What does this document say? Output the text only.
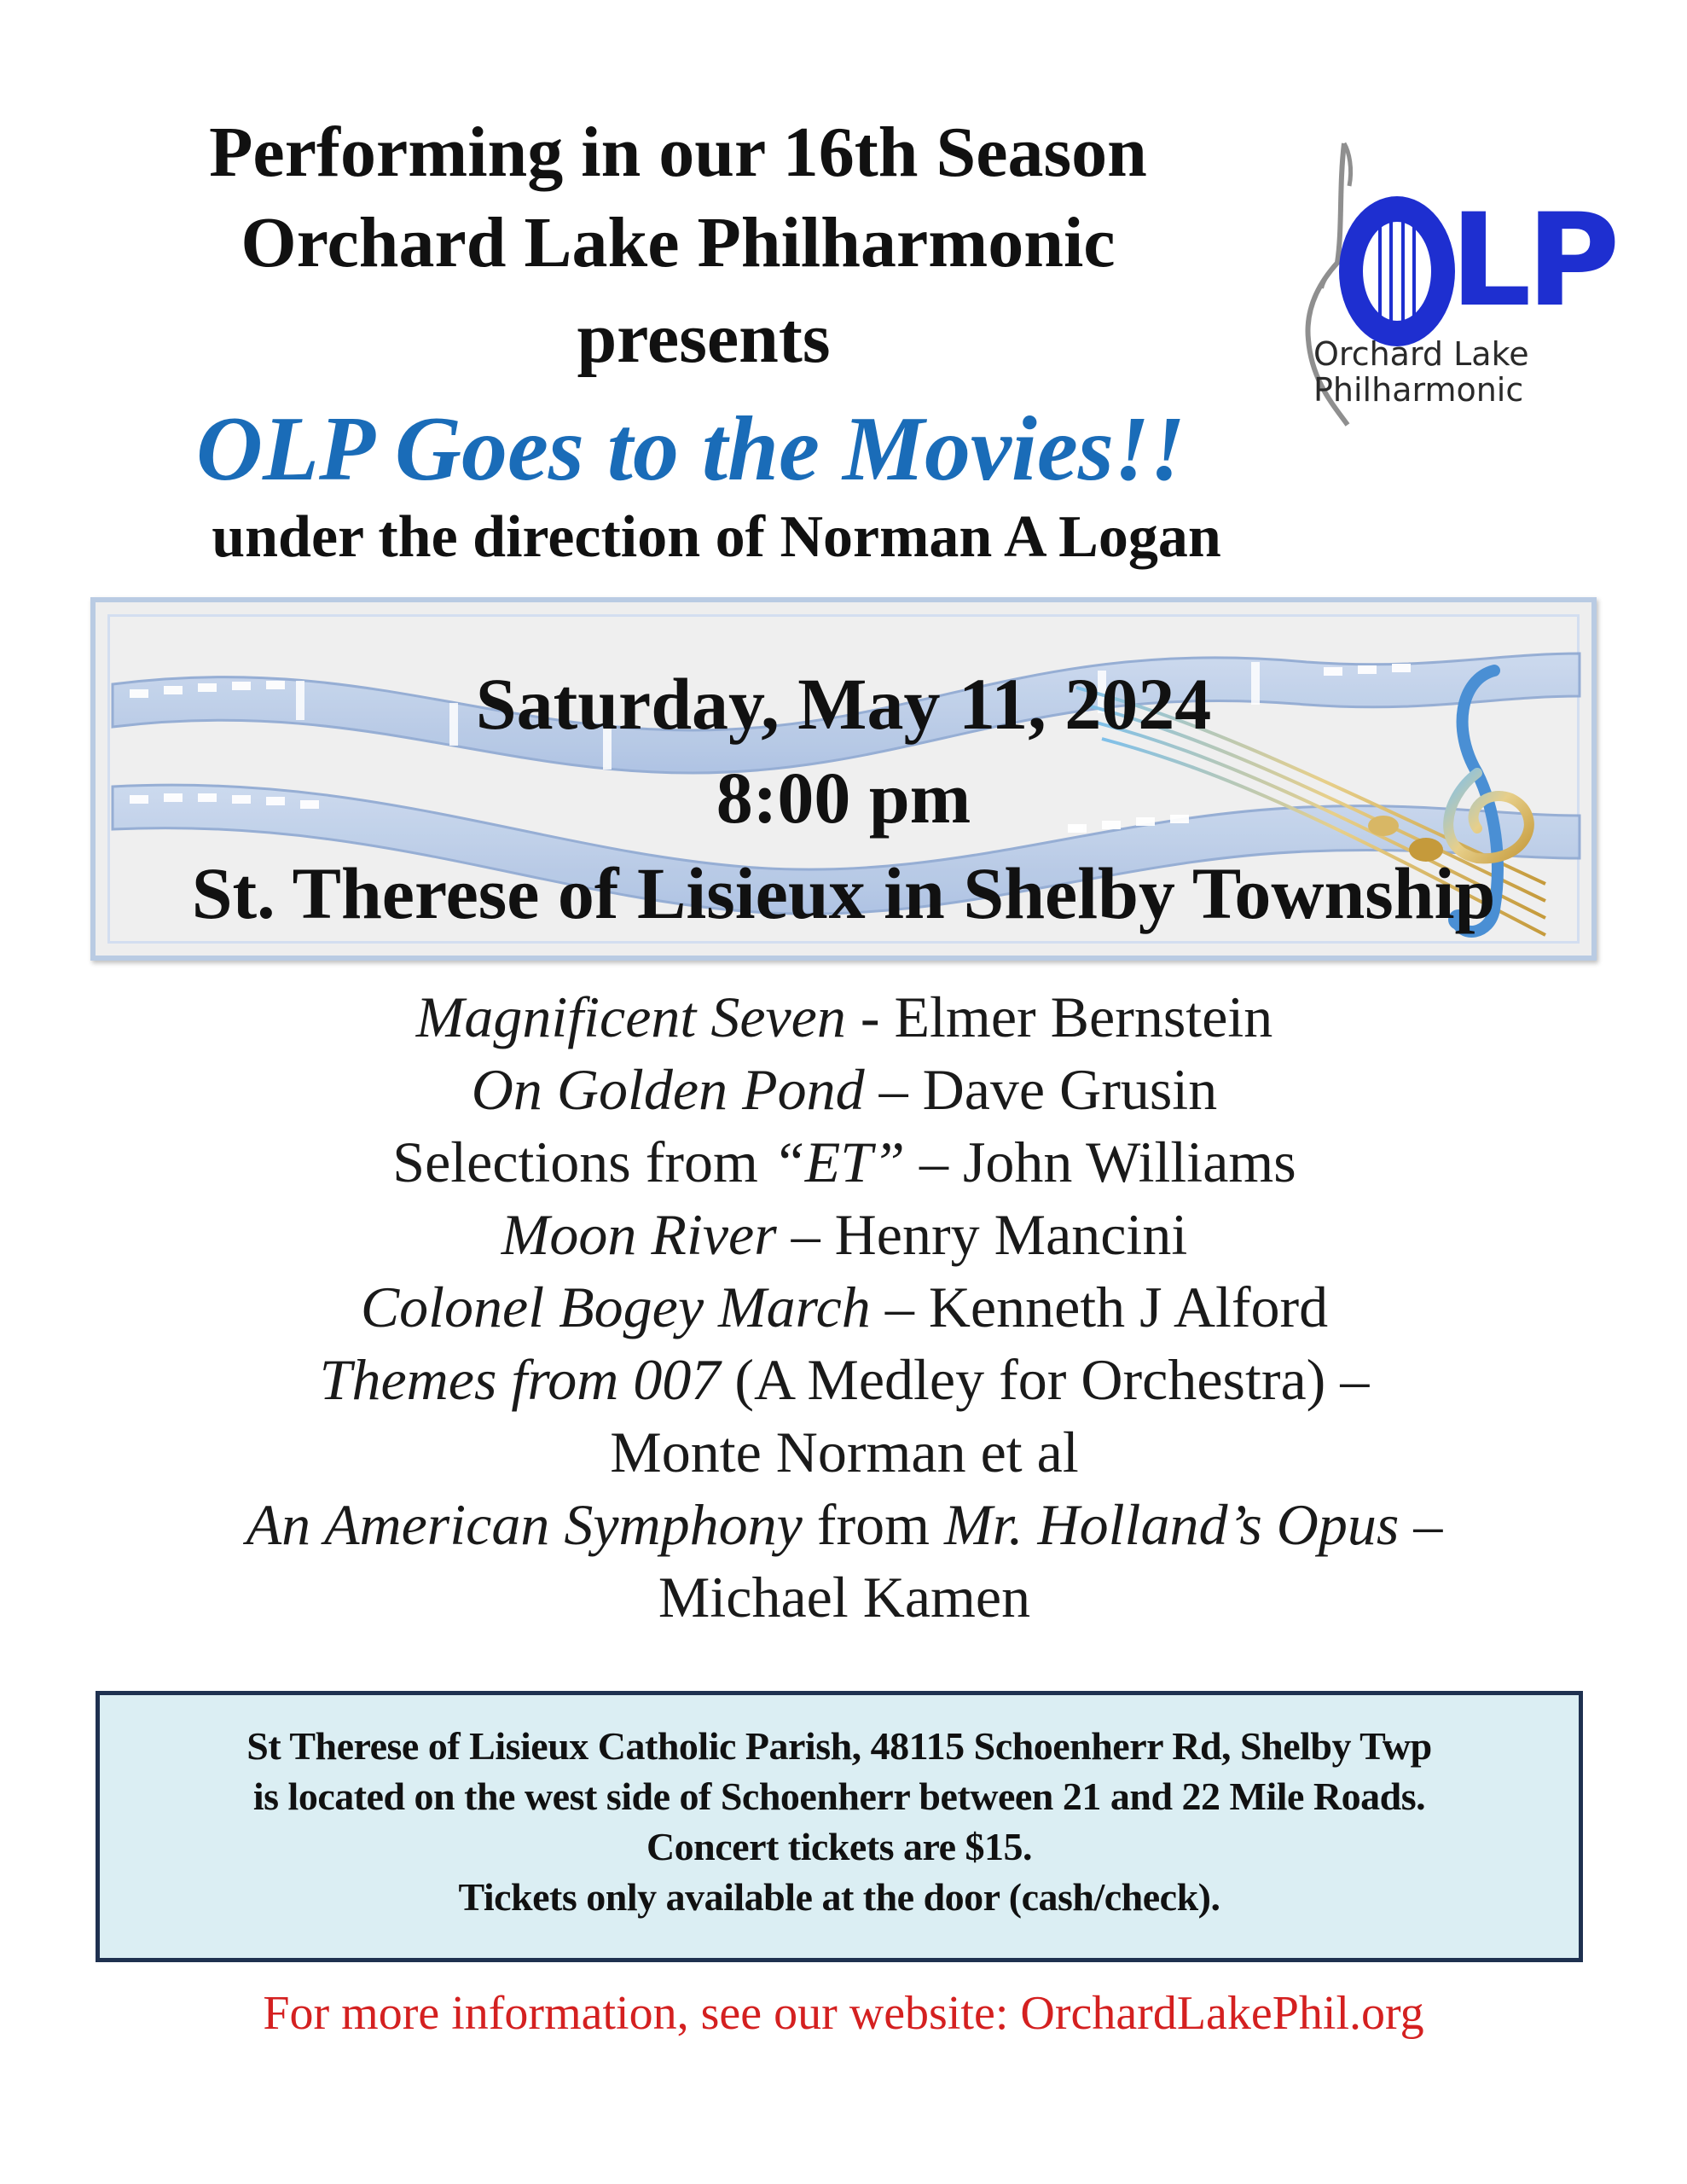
Performing in our 16th Season
Orchard Lake Philharmonic
presents
OLP Goes to the Movies!!
under the direction of Norman A Logan
LP
Orchard Lake
Philharmonic
Saturday, May 11, 2024
8:00 pm
St. Therese of Lisieux in Shelby Township
Magnificent Seven - Elmer Bernstein
On Golden Pond – Dave Grusin
Selections from “ET” – John Williams
Moon River – Henry Mancini
Colonel Bogey March – Kenneth J Alford
Themes from 007 (A Medley for Orchestra) –
Monte Norman et al
An American Symphony from Mr. Holland’s Opus –
Michael Kamen
St Therese of Lisieux Catholic Parish, 48115 Schoenherr Rd, Shelby Twp
is located on the west side of Schoenherr between 21 and 22 Mile Roads.
Concert tickets are $15.
Tickets only available at the door (cash/check).
For more information, see our website: OrchardLakePhil.org
